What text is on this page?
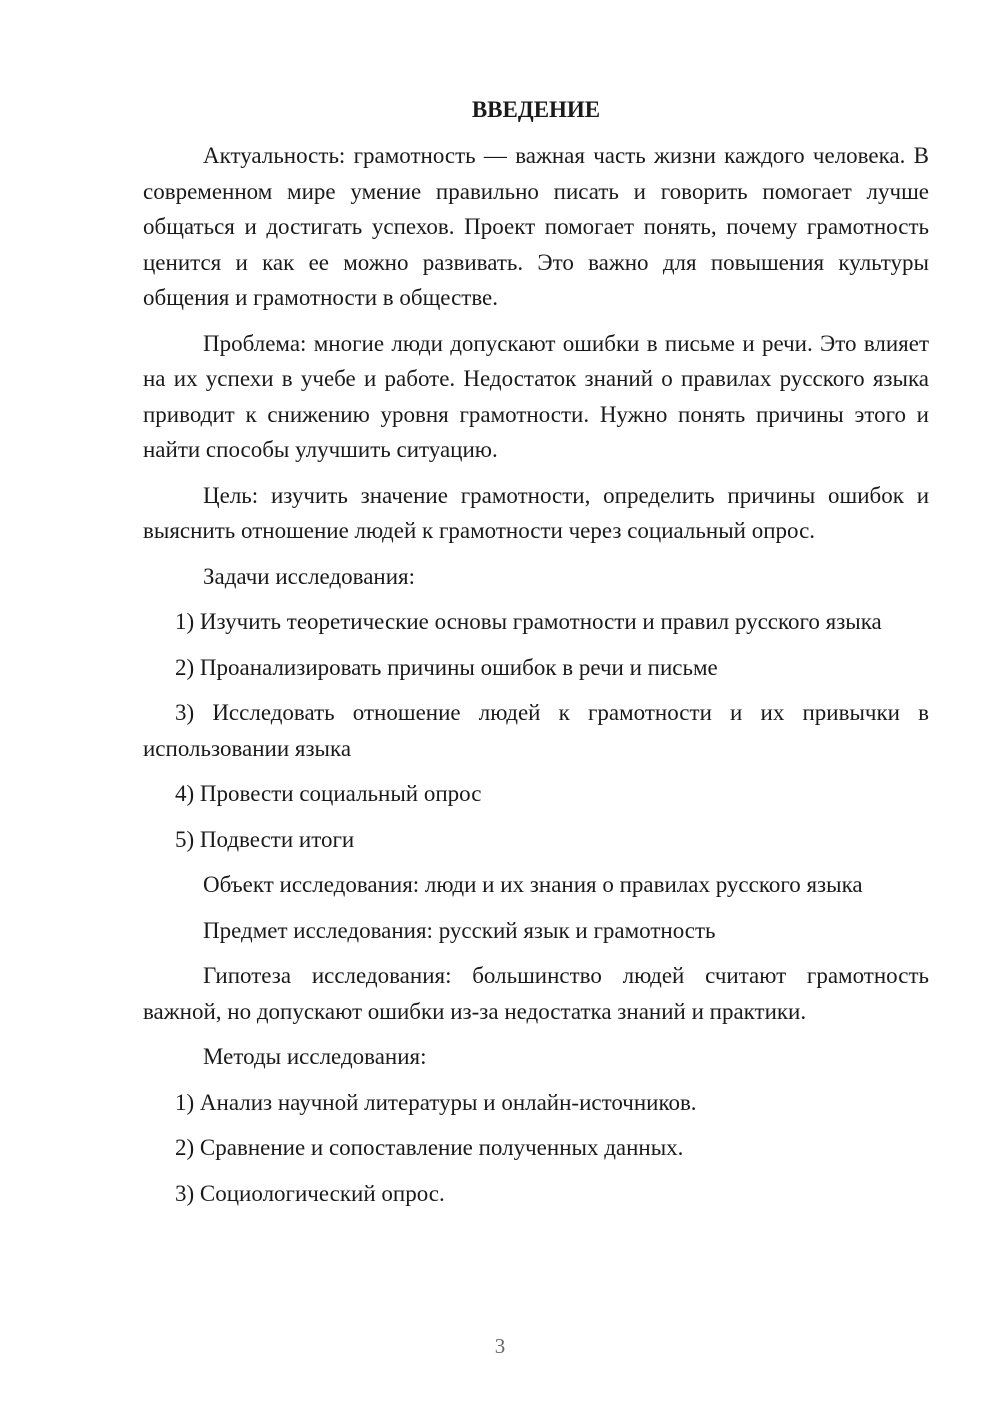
ВВЕДЕНИЕ

Актуальность: грамотность — важная часть жизни каждого человека. В современном мире умение правильно писать и говорить помогает лучше общаться и достигать успехов. Проект помогает понять, почему грамотность ценится и как ее можно развивать. Это важно для повышения культуры общения и грамотности в обществе.

Проблема: многие люди допускают ошибки в письме и речи. Это влияет на их успехи в учебе и работе. Недостаток знаний о правилах русского языка приводит к снижению уровня грамотности. Нужно понять причины этого и найти способы улучшить ситуацию.

Цель: изучить значение грамотности, определить причины ошибок и выяснить отношение людей к грамотности через социальный опрос.

Задачи исследования:

1) Изучить теоретические основы грамотности и правил русского языка

2) Проанализировать причины ошибок в речи и письме

3) Исследовать отношение людей к грамотности и их привычки в использовании языка

4) Провести социальный опрос

5) Подвести итоги

Объект исследования: люди и их знания о правилах русского языка

Предмет исследования: русский язык и грамотность

Гипотеза исследования: большинство людей считают грамотность важной, но допускают ошибки из-за недостатка знаний и практики.

Методы исследования:

1) Анализ научной литературы и онлайн-источников.

2) Сравнение и сопоставление полученных данных.

3) Социологический опрос.

3
